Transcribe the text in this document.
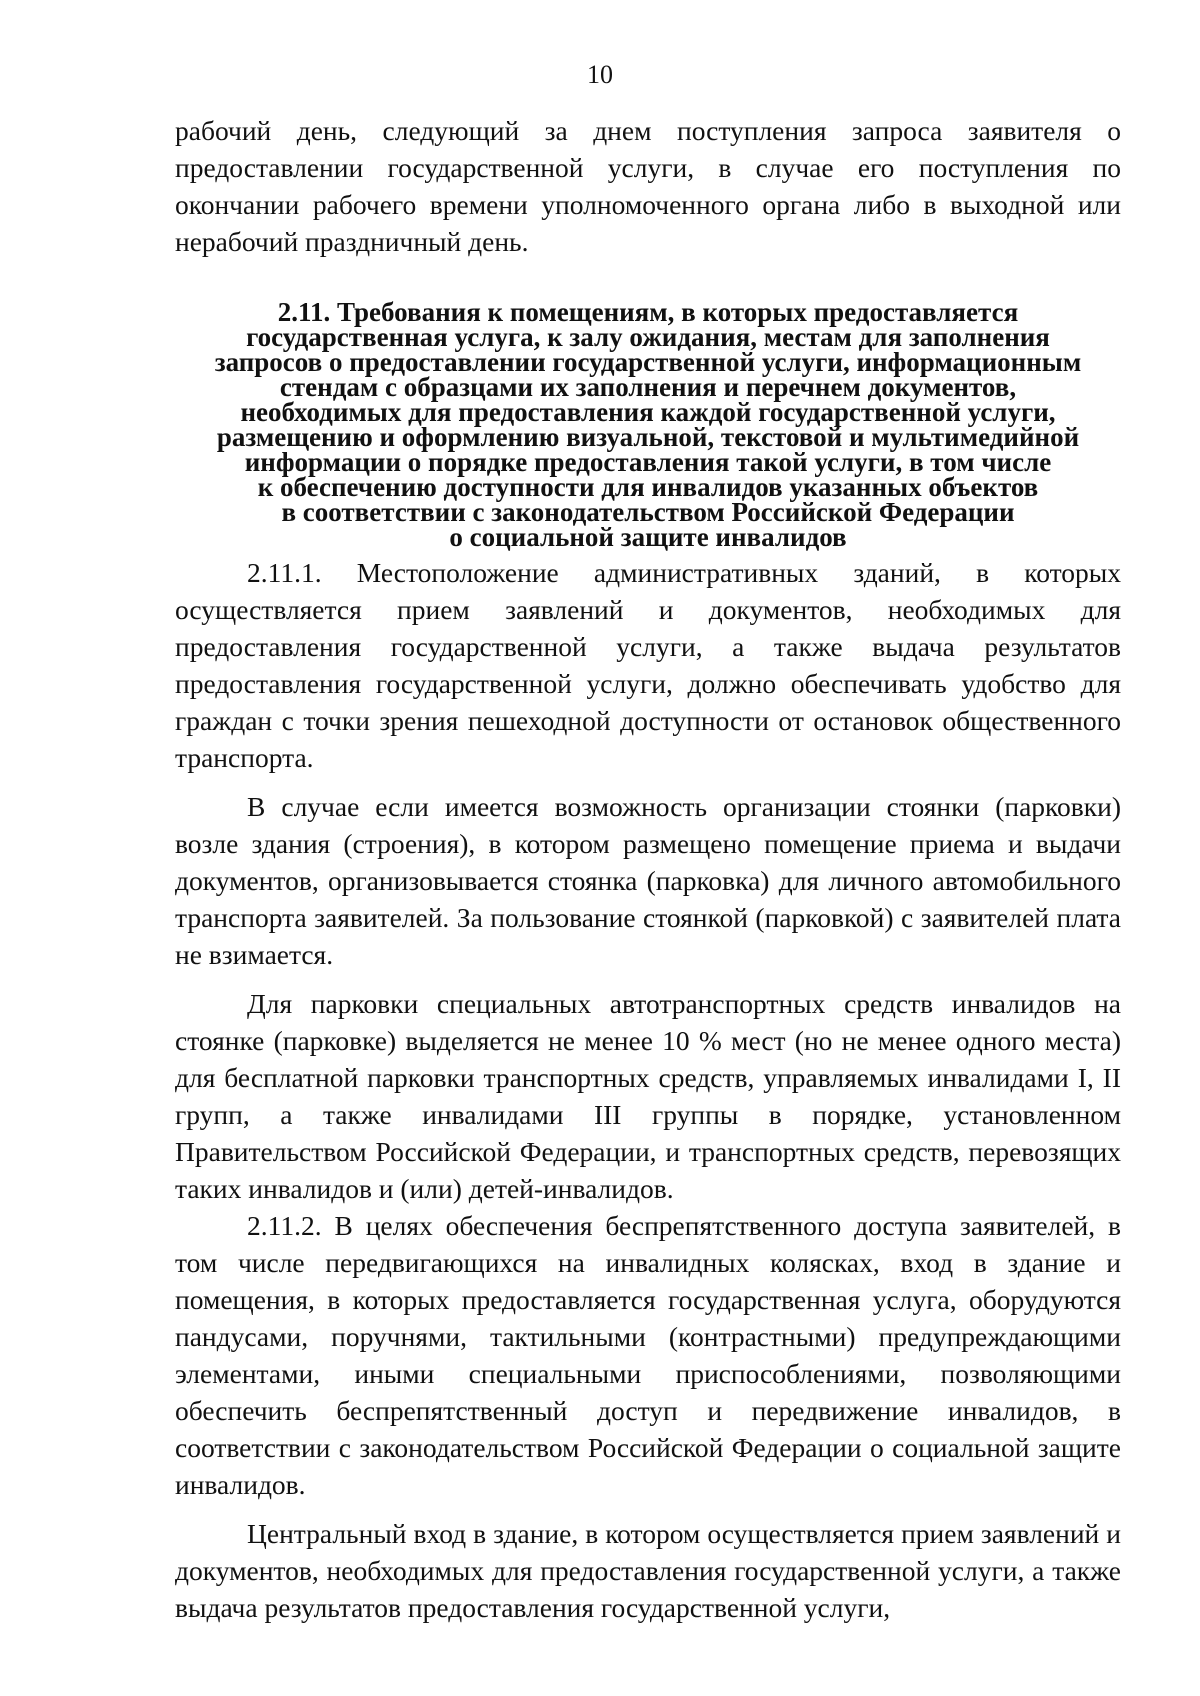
10

рабочий день, следующий за днем поступления запроса заявителя о предоставлении государственной услуги, в случае его поступления по окончании рабочего времени уполномоченного органа либо в выходной или нерабочий праздничный день.

2.11. Требования к помещениям, в которых предоставляется
государственная услуга, к залу ожидания, местам для заполнения
запросов о предоставлении государственной услуги, информационным
стендам с образцами их заполнения и перечнем документов,
необходимых для предоставления каждой государственной услуги,
размещению и оформлению визуальной, текстовой и мультимедийной
информации о порядке предоставления такой услуги, в том числе
к обеспечению доступности для инвалидов указанных объектов
в соответствии с законодательством Российской Федерации
о социальной защите инвалидов

2.11.1. Местоположение административных зданий, в которых осуществляется прием заявлений и документов, необходимых для предоставления государственной услуги, а также выдача результатов предоставления государственной услуги, должно обеспечивать удобство для граждан с точки зрения пешеходной доступности от остановок общественного транспорта.

В случае если имеется возможность организации стоянки (парковки) возле здания (строения), в котором размещено помещение приема и выдачи документов, организовывается стоянка (парковка) для личного автомобильного транспорта заявителей. За пользование стоянкой (парковкой) с заявителей плата не взимается.

Для парковки специальных автотранспортных средств инвалидов на стоянке (парковке) выделяется не менее 10 % мест (но не менее одного места) для бесплатной парковки транспортных средств, управляемых инвалидами I, II групп, а также инвалидами III группы в порядке, установленном Правительством Российской Федерации, и транспортных средств, перевозящих таких инвалидов и (или) детей-инвалидов.

2.11.2. В целях обеспечения беспрепятственного доступа заявителей, в том числе передвигающихся на инвалидных колясках, вход в здание и помещения, в которых предоставляется государственная услуга, оборудуются пандусами, поручнями, тактильными (контрастными) предупреждающими элементами, иными специальными приспособлениями, позволяющими обеспечить беспрепятственный доступ и передвижение инвалидов, в соответствии с законодательством Российской Федерации о социальной защите инвалидов.

Центральный вход в здание, в котором осуществляется прием заявлений и документов, необходимых для предоставления государственной услуги, а также выдача результатов предоставления государственной услуги,
